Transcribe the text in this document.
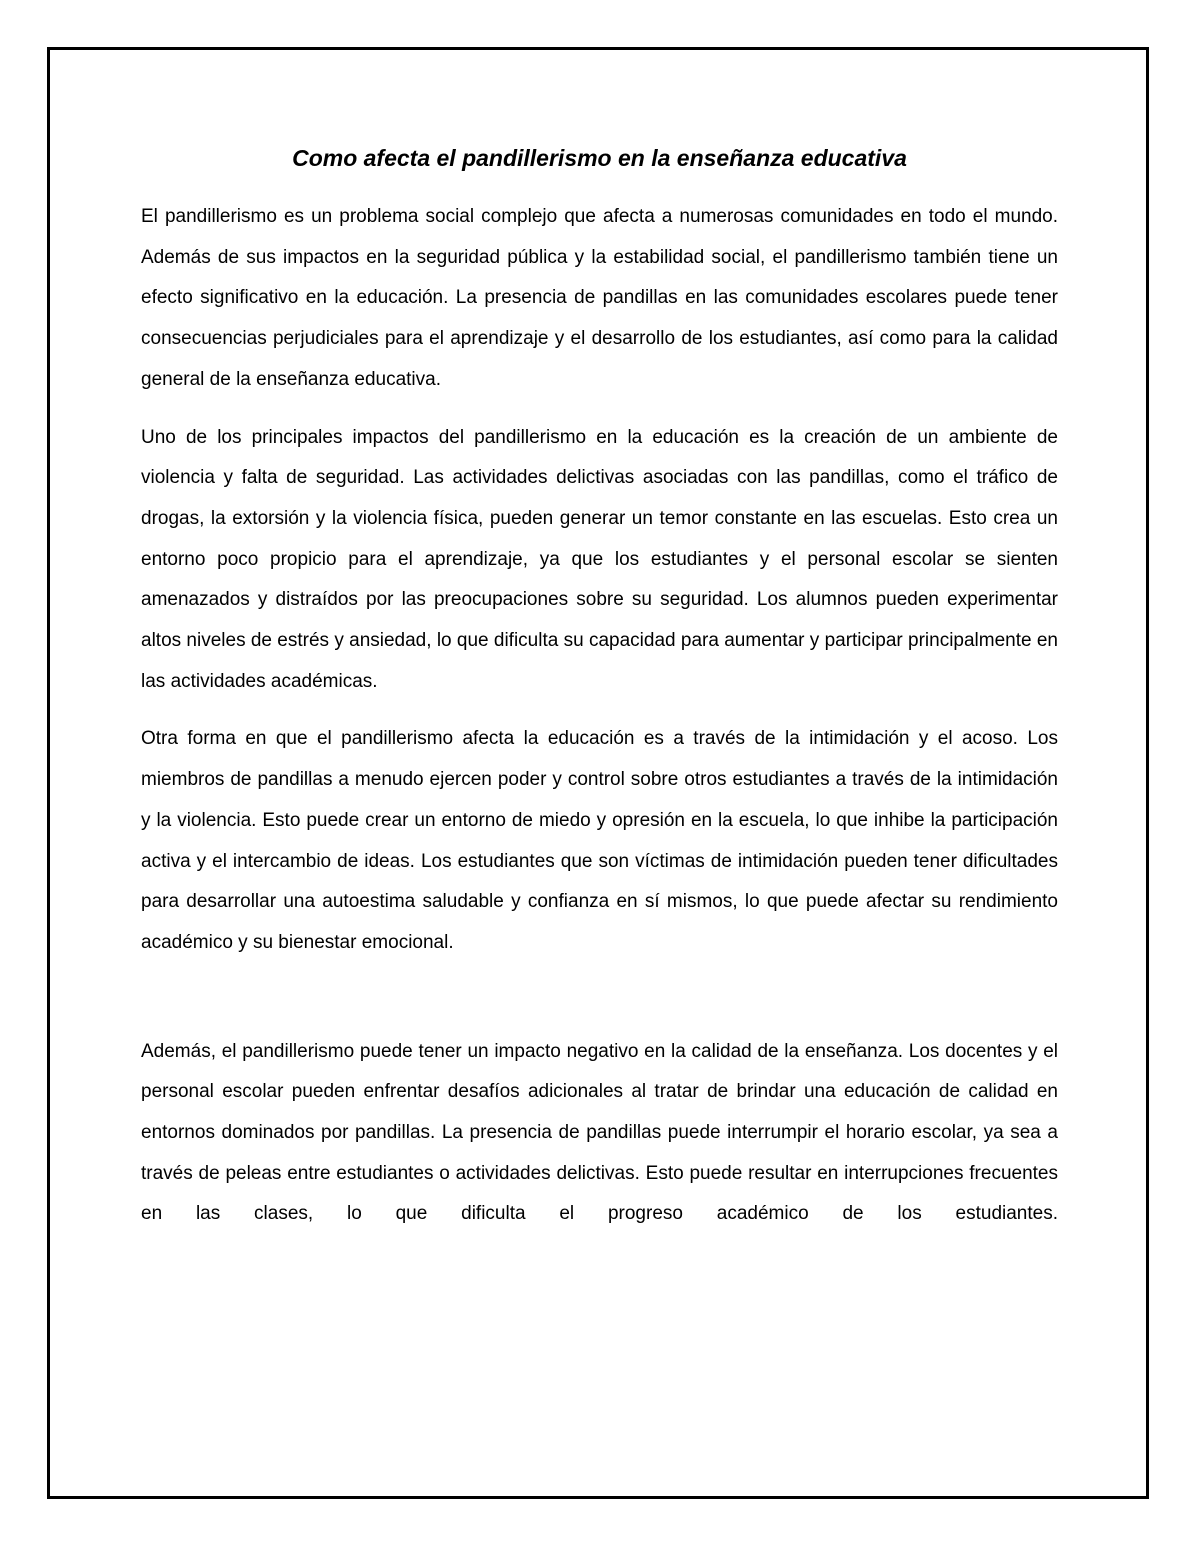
Como afecta el pandillerismo en la enseñanza educativa

El pandillerismo es un problema social complejo que afecta a numerosas comunidades en todo el mundo. Además de sus impactos en la seguridad pública y la estabilidad social, el pandillerismo también tiene un efecto significativo en la educación. La presencia de pandillas en las comunidades escolares puede tener consecuencias perjudiciales para el aprendizaje y el desarrollo de los estudiantes, así como para la calidad general de la enseñanza educativa.

Uno de los principales impactos del pandillerismo en la educación es la creación de un ambiente de violencia y falta de seguridad. Las actividades delictivas asociadas con las pandillas, como el tráfico de drogas, la extorsión y la violencia física, pueden generar un temor constante en las escuelas. Esto crea un entorno poco propicio para el aprendizaje, ya que los estudiantes y el personal escolar se sienten amenazados y distraídos por las preocupaciones sobre su seguridad. Los alumnos pueden experimentar altos niveles de estrés y ansiedad, lo que dificulta su capacidad para aumentar y participar principalmente en las actividades académicas.

Otra forma en que el pandillerismo afecta la educación es a través de la intimidación y el acoso. Los miembros de pandillas a menudo ejercen poder y control sobre otros estudiantes a través de la intimidación y la violencia. Esto puede crear un entorno de miedo y opresión en la escuela, lo que inhibe la participación activa y el intercambio de ideas. Los estudiantes que son víctimas de intimidación pueden tener dificultades para desarrollar una autoestima saludable y confianza en sí mismos, lo que puede afectar su rendimiento académico y su bienestar emocional.

Además, el pandillerismo puede tener un impacto negativo en la calidad de la enseñanza. Los docentes y el personal escolar pueden enfrentar desafíos adicionales al tratar de brindar una educación de calidad en entornos dominados por pandillas. La presencia de pandillas puede interrumpir el horario escolar, ya sea a través de peleas entre estudiantes o actividades delictivas. Esto puede resultar en interrupciones frecuentes en las clases, lo que dificulta el progreso académico de los estudiantes.
